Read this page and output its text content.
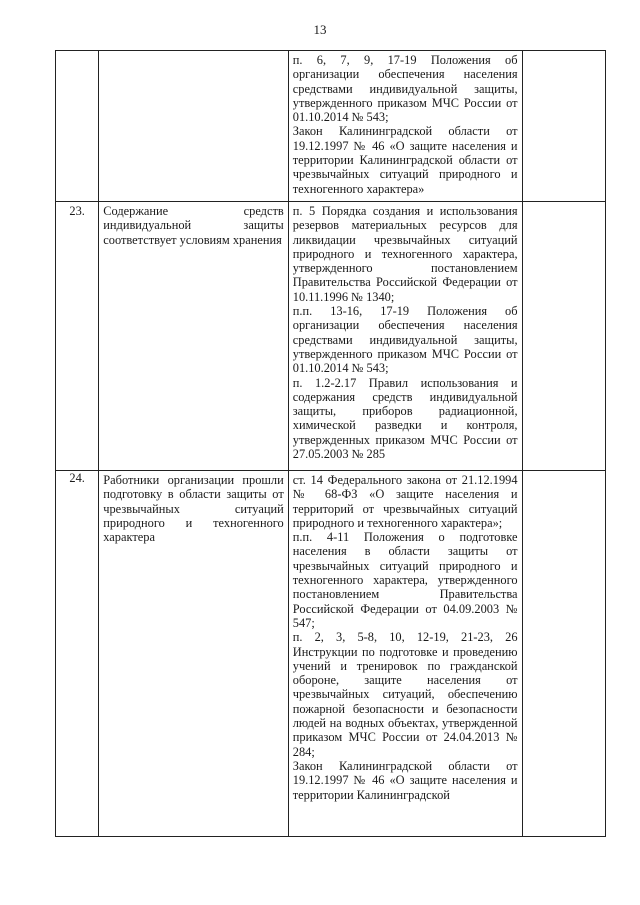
13

		п. 6, 7, 9, 17-19 Положения об организации обеспечения населения средствами индивидуальной защиты, утвержденного приказом МЧС России от 01.10.2014 № 543;

Закон Калининградской области от 19.12.1997 № 46 «О защите населения и территории Калининградской области от чрезвычайных ситуаций природного и техногенного характера»	

23.	Содержание средств индивидуальной защиты соответствует условиям хранения	п. 5 Порядка создания и использования резервов материальных ресурсов для ликвидации чрезвычайных ситуаций природного и техногенного характера, утвержденного постановлением Правительства Российской Федерации от 10.11.1996 № 1340;

п.п. 13-16, 17-19 Положения об организации обеспечения населения средствами индивидуальной защиты, утвержденного приказом МЧС России от 01.10.2014 № 543;

п. 1.2-2.17 Правил использования и содержания средств индивидуальной защиты, приборов радиационной, химической разведки и контроля, утвержденных приказом МЧС России от 27.05.2003 № 285	

24.	Работники организации прошли подготовку в области защиты от чрезвычайных ситуаций природного и техногенного характера	ст. 14 Федерального закона от 21.12.1994 № 68-ФЗ «О защите населения и территорий от чрезвычайных ситуаций природного и техногенного характера»;

п.п. 4-11 Положения о подготовке населения в области защиты от чрезвычайных ситуаций природного и техногенного характера, утвержденного постановлением Правительства Российской Федерации от 04.09.2003 № 547;

п. 2, 3, 5-8, 10, 12-19, 21-23, 26 Инструкции по подготовке и проведению учений и тренировок по гражданской обороне, защите населения от чрезвычайных ситуаций, обеспечению пожарной безопасности и безопасности людей на водных объектах, утвержденной приказом МЧС России от 24.04.2013 № 284;

Закон Калининградской области от 19.12.1997 № 46 «О защите населения и территории Калининградской	
